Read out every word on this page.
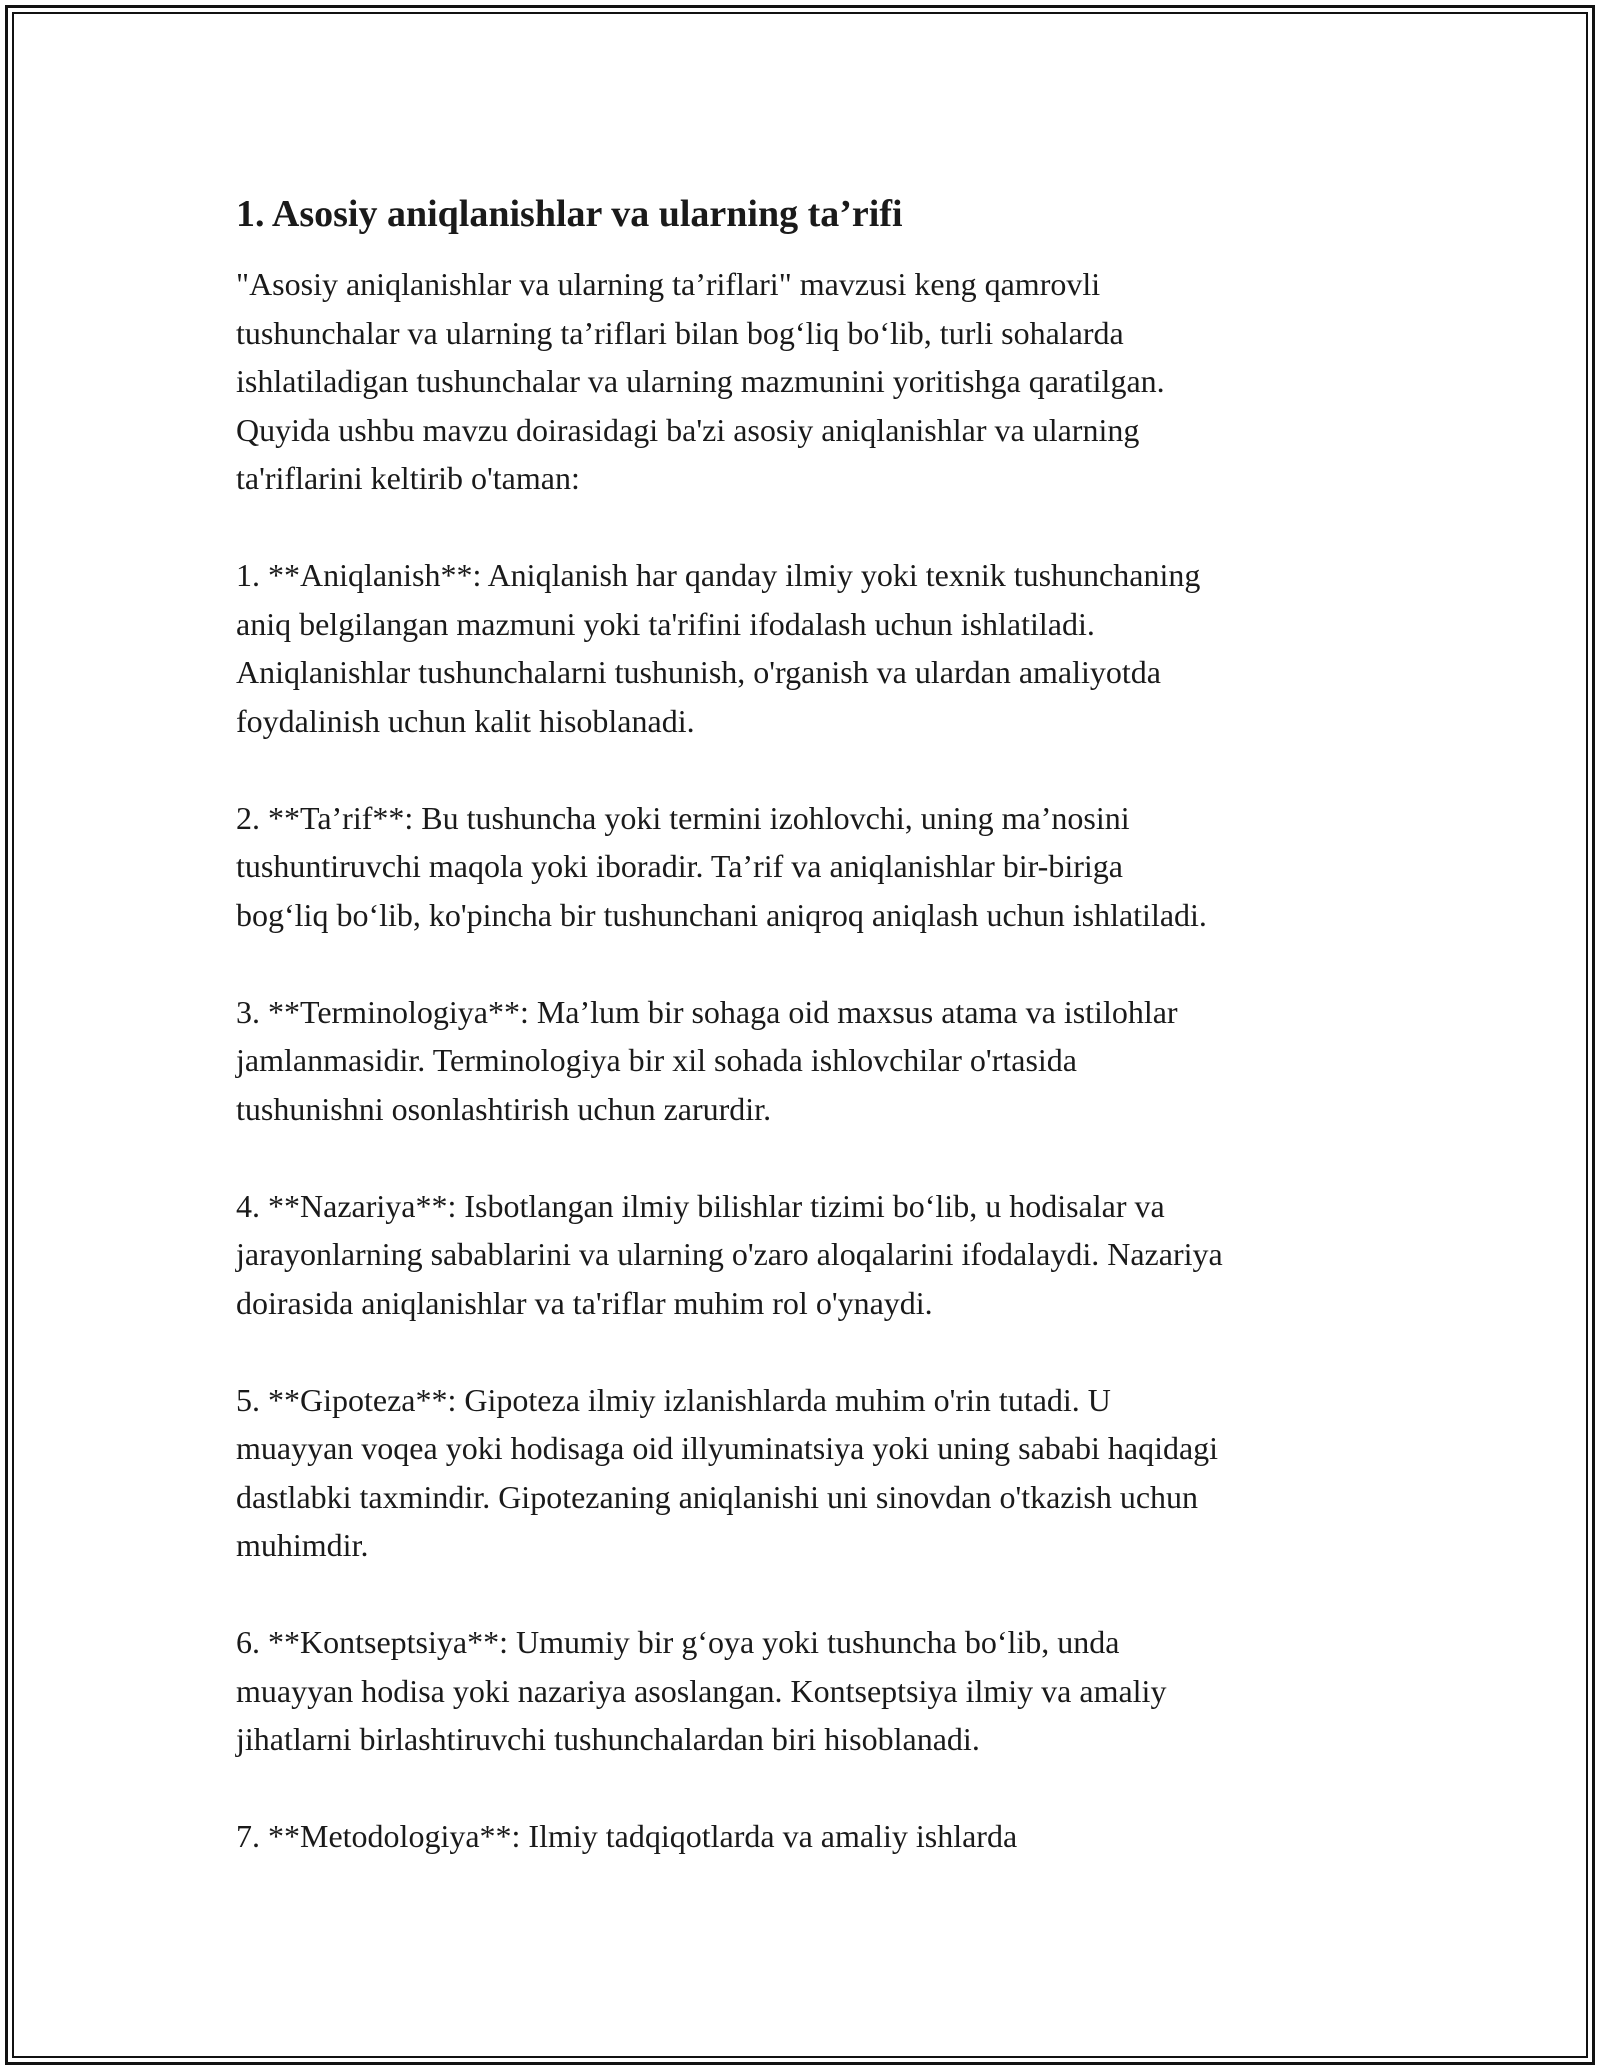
1. Asosiy aniqlanishlar va ularning ta’rifi

"Asosiy aniqlanishlar va ularning ta’riflari" mavzusi keng qamrovli
tushunchalar va ularning ta’riflari bilan bog‘liq bo‘lib, turli sohalarda
ishlatiladigan tushunchalar va ularning mazmunini yoritishga qaratilgan.
Quyida ushbu mavzu doirasidagi ba'zi asosiy aniqlanishlar va ularning
ta'riflarini keltirib o'taman:

1. **Aniqlanish**: Aniqlanish har qanday ilmiy yoki texnik tushunchaning
aniq belgilangan mazmuni yoki ta'rifini ifodalash uchun ishlatiladi.
Aniqlanishlar tushunchalarni tushunish, o'rganish va ulardan amaliyotda
foydalinish uchun kalit hisoblanadi.

2. **Ta’rif**: Bu tushuncha yoki termini izohlovchi, uning ma’nosini
tushuntiruvchi maqola yoki iboradir. Ta’rif va aniqlanishlar bir-biriga
bog‘liq bo‘lib, ko'pincha bir tushunchani aniqroq aniqlash uchun ishlatiladi.

3. **Terminologiya**: Ma’lum bir sohaga oid maxsus atama va istilohlar
jamlanmasidir. Terminologiya bir xil sohada ishlovchilar o'rtasida
tushunishni osonlashtirish uchun zarurdir.

4. **Nazariya**: Isbotlangan ilmiy bilishlar tizimi bo‘lib, u hodisalar va
jarayonlarning sabablarini va ularning o'zaro aloqalarini ifodalaydi. Nazariya
doirasida aniqlanishlar va ta'riflar muhim rol o'ynaydi.

5. **Gipoteza**: Gipoteza ilmiy izlanishlarda muhim o'rin tutadi. U
muayyan voqea yoki hodisaga oid illyuminatsiya yoki uning sababi haqidagi
dastlabki taxmindir. Gipotezaning aniqlanishi uni sinovdan o'tkazish uchun
muhimdir.

6. **Kontseptsiya**: Umumiy bir g‘oya yoki tushuncha bo‘lib, unda
muayyan hodisa yoki nazariya asoslangan. Kontseptsiya ilmiy va amaliy
jihatlarni birlashtiruvchi tushunchalardan biri hisoblanadi.

7. **Metodologiya**: Ilmiy tadqiqotlarda va amaliy ishlarda
